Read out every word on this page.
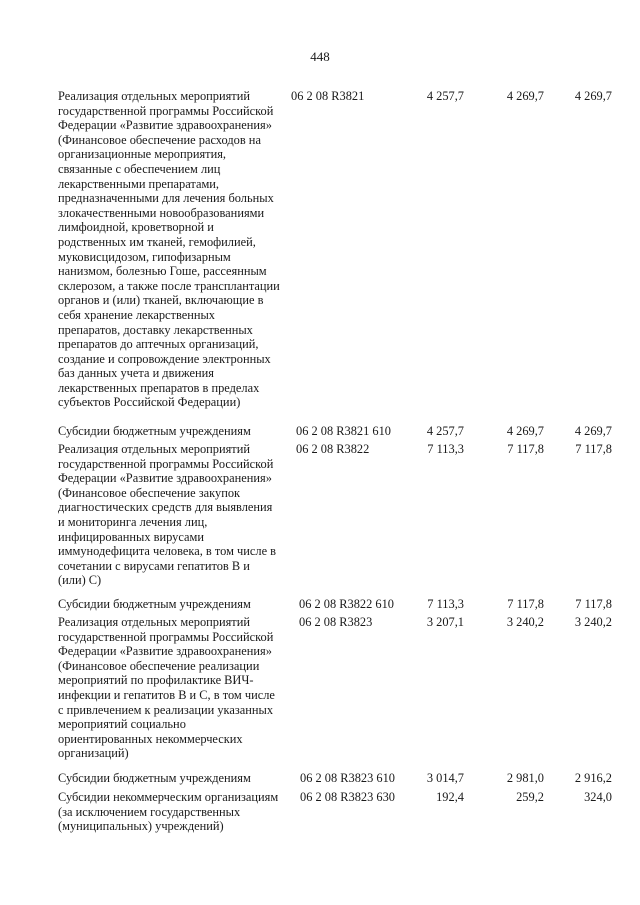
448
Реализация отдельных мероприятий
государственной программы Российской
Федерации «Развитие здравоохранения»
(Финансовое обеспечение расходов на
организационные мероприятия,
связанные с обеспечением лиц
лекарственными препаратами,
предназначенными для лечения больных
злокачественными новообразованиями
лимфоидной, кроветворной и
родственных им тканей, гемофилией,
муковисцидозом, гипофизарным
нанизмом, болезнью Гоше, рассеянным
склерозом, а также после трансплантации
органов и (или) тканей, включающие в
себя хранение лекарственных
препаратов, доставку лекарственных
препаратов до аптечных организаций,
создание и сопровождение электронных
баз данных учета и движения
лекарственных препаратов в пределах
субъектов Российской Федерации)
06 2 08 R3821	4 257,7	4 269,7	4 269,7
Субсидии бюджетным учреждениям	06 2 08 R3821 610	4 257,7	4 269,7	4 269,7
Реализация отдельных мероприятий
государственной программы Российской
Федерации «Развитие здравоохранения»
(Финансовое обеспечение закупок
диагностических средств для выявления
и мониторинга лечения лиц,
инфицированных вирусами
иммунодефицита человека, в том числе в
сочетании с вирусами гепатитов В и
(или) С)
06 2 08 R3822	7 113,3	7 117,8	7 117,8
Субсидии бюджетным учреждениям	06 2 08 R3822 610	7 113,3	7 117,8	7 117,8
Реализация отдельных мероприятий
государственной программы Российской
Федерации «Развитие здравоохранения»
(Финансовое обеспечение реализации
мероприятий по профилактике ВИЧ-
инфекции и гепатитов В и С, в том числе
с привлечением к реализации указанных
мероприятий социально
ориентированных некоммерческих
организаций)
06 2 08 R3823	3 207,1	3 240,2	3 240,2
Субсидии бюджетным учреждениям	06 2 08 R3823 610	3 014,7	2 981,0	2 916,2
Субсидии некоммерческим организациям
(за исключением государственных
(муниципальных) учреждений)
06 2 08 R3823 630	192,4	259,2	324,0
